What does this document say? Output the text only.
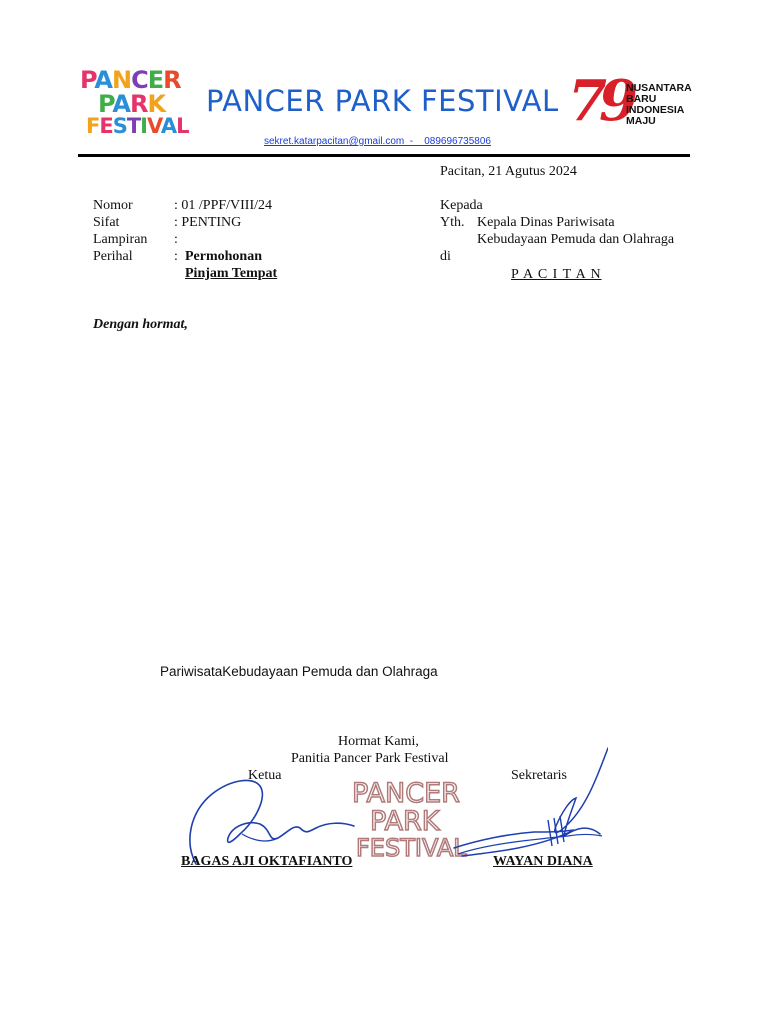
PANCER
PARK
FESTIVAL
PANCER PARK FESTIVAL
sekret.katarpacitan@gmail.com  -    089696735806
79
NUSANTARA
BARU
INDONESIA
MAJU
Pacitan, 21 Agutus 2024
Nomor	: 01 /PPF/VIII/24
Sifat	: PENTING
Lampiran :
Perihal	: Permohonan
Pinjam Tempat
Kepada
Yth. Kepala Dinas Pariwisata
Kebudayaan Pemuda dan Olahraga
di
P A C I T A N
Dengan hormat,
PariwisataKebudayaan Pemuda dan Olahraga
Hormat Kami,
Panitia Pancer Park Festival
Ketua	Sekretaris
PANCER
PARK
FESTIVAL
BAGAS AJI OKTAFIANTO	WAYAN DIANA
